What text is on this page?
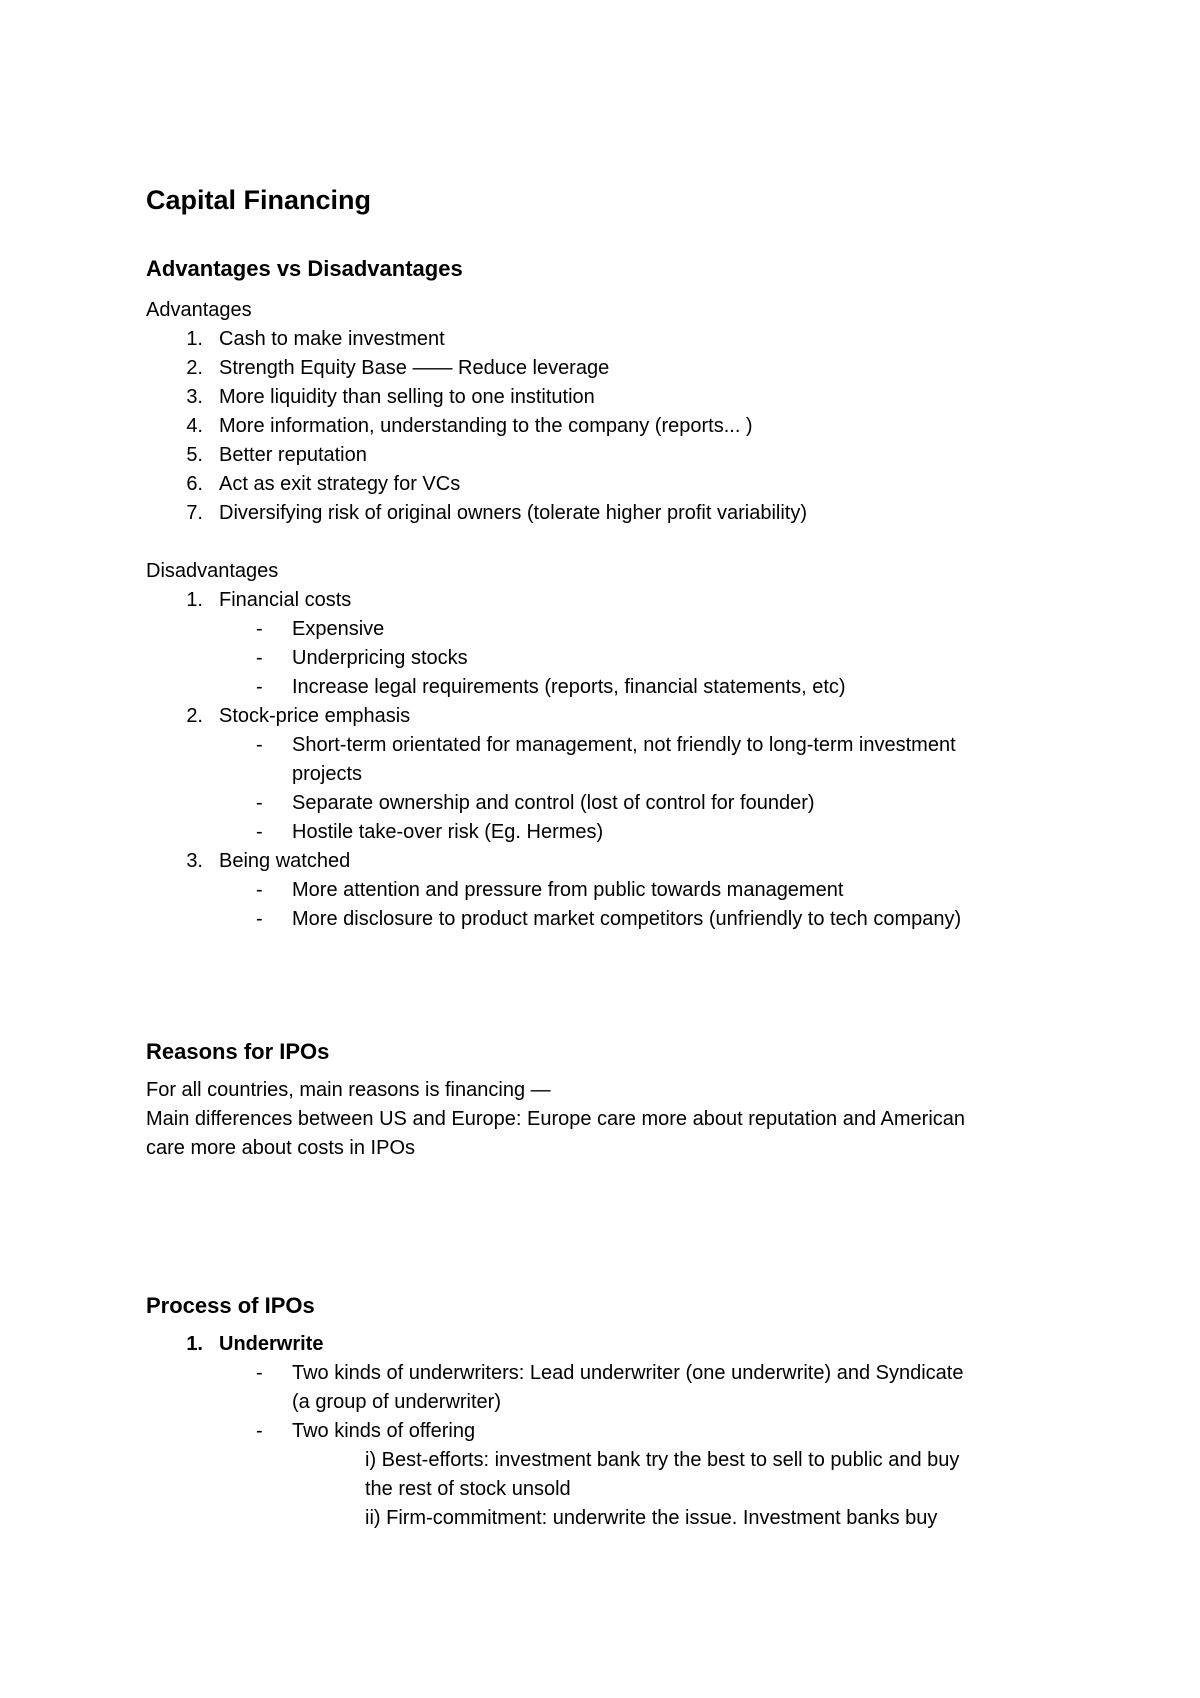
Capital Financing
Advantages vs Disadvantages
Advantages
1. Cash to make investment
2. Strength Equity Base —— Reduce leverage
3. More liquidity than selling to one institution
4. More information, understanding to the company (reports... )
5. Better reputation
6. Act as exit strategy for VCs
7. Diversifying risk of original owners (tolerate higher profit variability)
Disadvantages
1. Financial costs
- Expensive
- Underpricing stocks
- Increase legal requirements (reports, financial statements, etc)
2. Stock-price emphasis
- Short-term orientated for management, not friendly to long-term investment
projects
- Separate ownership and control (lost of control for founder)
- Hostile take-over risk (Eg. Hermes)
3. Being watched
- More attention and pressure from public towards management
- More disclosure to product market competitors (unfriendly to tech company)
Reasons for IPOs
For all countries, main reasons is financing —
Main differences between US and Europe: Europe care more about reputation and American
care more about costs in IPOs
Process of IPOs
1. Underwrite
- Two kinds of underwriters: Lead underwriter (one underwrite) and Syndicate
(a group of underwriter)
- Two kinds of offering
i) Best-efforts: investment bank try the best to sell to public and buy
the rest of stock unsold
ii) Firm-commitment: underwrite the issue. Investment banks buy
